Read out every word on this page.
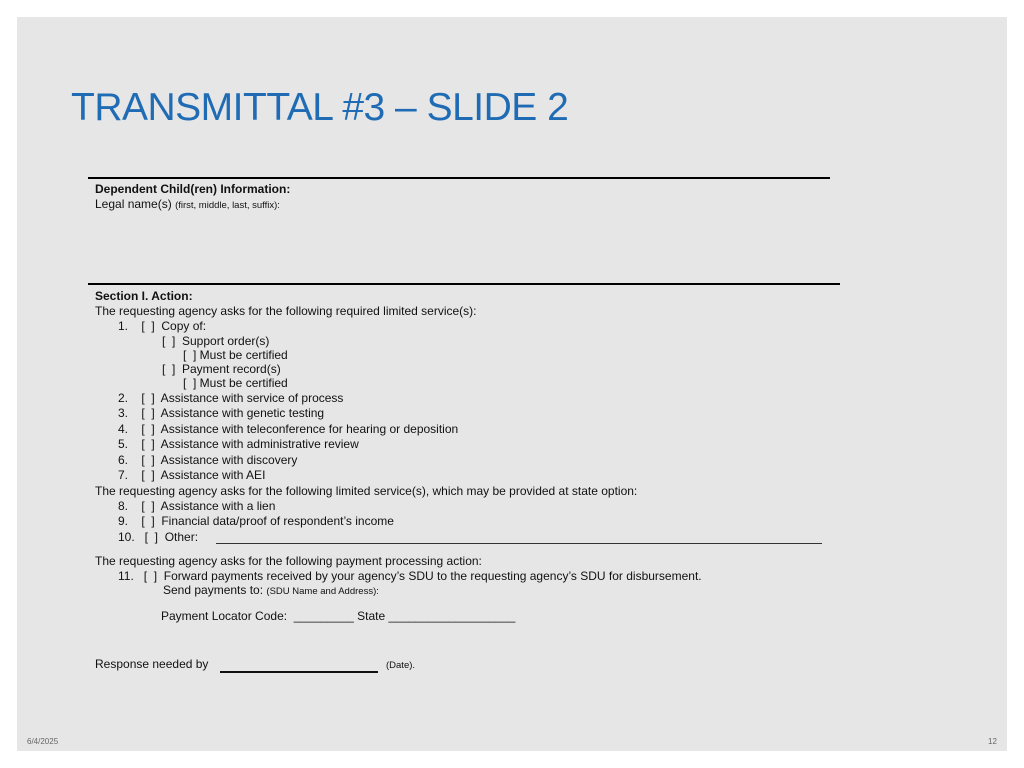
TRANSMITTAL #3 – SLIDE 2
Dependent Child(ren) Information:
Legal name(s) (first, middle, last, suffix):
Section I. Action:
The requesting agency asks for the following required limited service(s):
1.    [  ]  Copy of:
[  ]  Support order(s)
[  ] Must be certified
[  ]  Payment record(s)
[  ] Must be certified
2.    [  ]  Assistance with service of process
3.    [  ]  Assistance with genetic testing
4.    [  ]  Assistance with teleconference for hearing or deposition
5.    [  ]  Assistance with administrative review
6.    [  ]  Assistance with discovery
7.    [  ]  Assistance with AEI
The requesting agency asks for the following limited service(s), which may be provided at state option:
8.    [  ]  Assistance with a lien
9.    [  ]  Financial data/proof of respondent’s income
10.   [  ]  Other:
The requesting agency asks for the following payment processing action:
11.   [  ]  Forward payments received by your agency’s SDU to the requesting agency’s SDU for disbursement.
Send payments to: (SDU Name and Address):
Payment Locator Code:  _________ State ___________________
Response needed by	(Date).
6/4/2025	12
